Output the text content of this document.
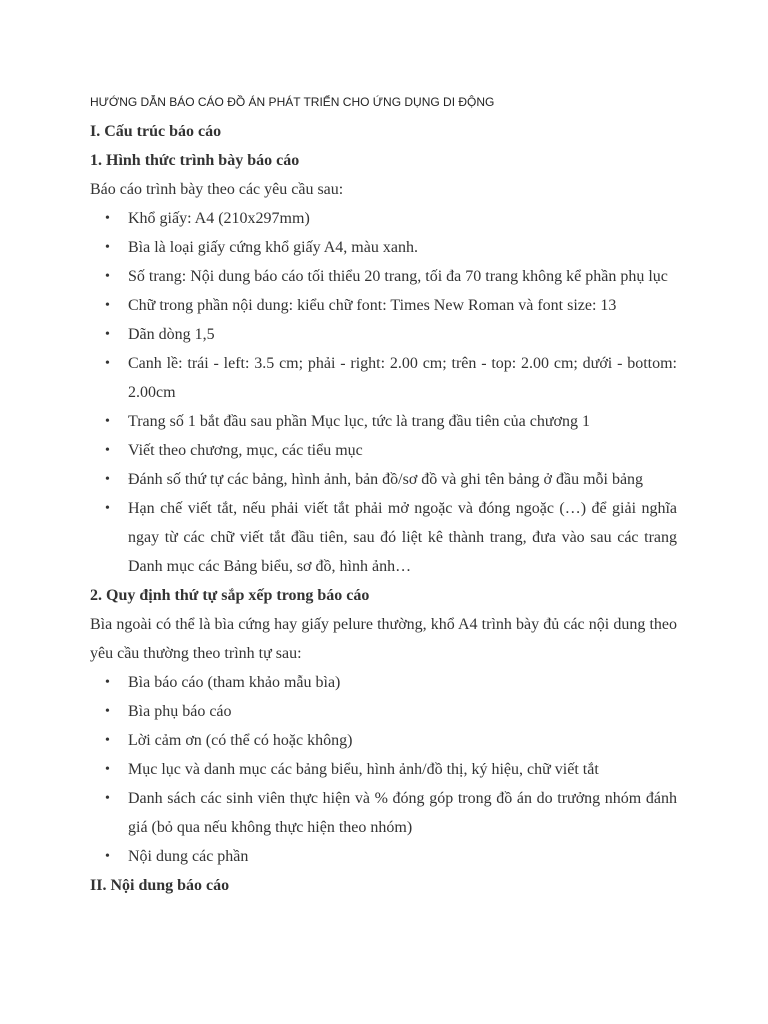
HƯỚNG DẪN BÁO CÁO ĐỒ ÁN PHÁT TRIỂN CHO ỨNG DỤNG DI ĐỘNG

I. Cấu trúc báo cáo

1. Hình thức trình bày báo cáo

Báo cáo trình bày theo các yêu cầu sau:

• Khổ giấy: A4 (210x297mm)
• Bìa là loại giấy cứng khổ giấy A4, màu xanh.
• Số trang: Nội dung báo cáo tối thiểu 20 trang, tối đa 70 trang không kể phần phụ lục
• Chữ trong phần nội dung: kiểu chữ font: Times New Roman và font size: 13
• Dãn dòng 1,5
• Canh lề: trái - left: 3.5 cm; phải - right: 2.00 cm; trên - top: 2.00 cm; dưới - bottom: 2.00cm
• Trang số 1 bắt đầu sau phần Mục lục, tức là trang đầu tiên của chương 1
• Viết theo chương, mục, các tiểu mục
• Đánh số thứ tự các bảng, hình ảnh, bản đồ/sơ đồ và ghi tên bảng ở đầu mỗi bảng
• Hạn chế viết tắt, nếu phải viết tắt phải mở ngoặc và đóng ngoặc (…) để giải nghĩa ngay từ các chữ viết tắt đầu tiên, sau đó liệt kê thành trang, đưa vào sau các trang Danh mục các Bảng biểu, sơ đồ, hình ảnh…

2. Quy định thứ tự sắp xếp trong báo cáo

Bìa ngoài có thể là bìa cứng hay giấy pelure thường, khổ A4 trình bày đủ các nội dung theo yêu cầu thường theo trình tự sau:

• Bìa báo cáo (tham khảo mẫu bìa)
• Bìa phụ báo cáo
• Lời cảm ơn (có thể có hoặc không)
• Mục lục và danh mục các bảng biểu, hình ảnh/đồ thị, ký hiệu, chữ viết tắt
• Danh sách các sinh viên thực hiện và % đóng góp trong đồ án do trưởng nhóm đánh giá (bỏ qua nếu không thực hiện theo nhóm)
• Nội dung các phần

II. Nội dung báo cáo
